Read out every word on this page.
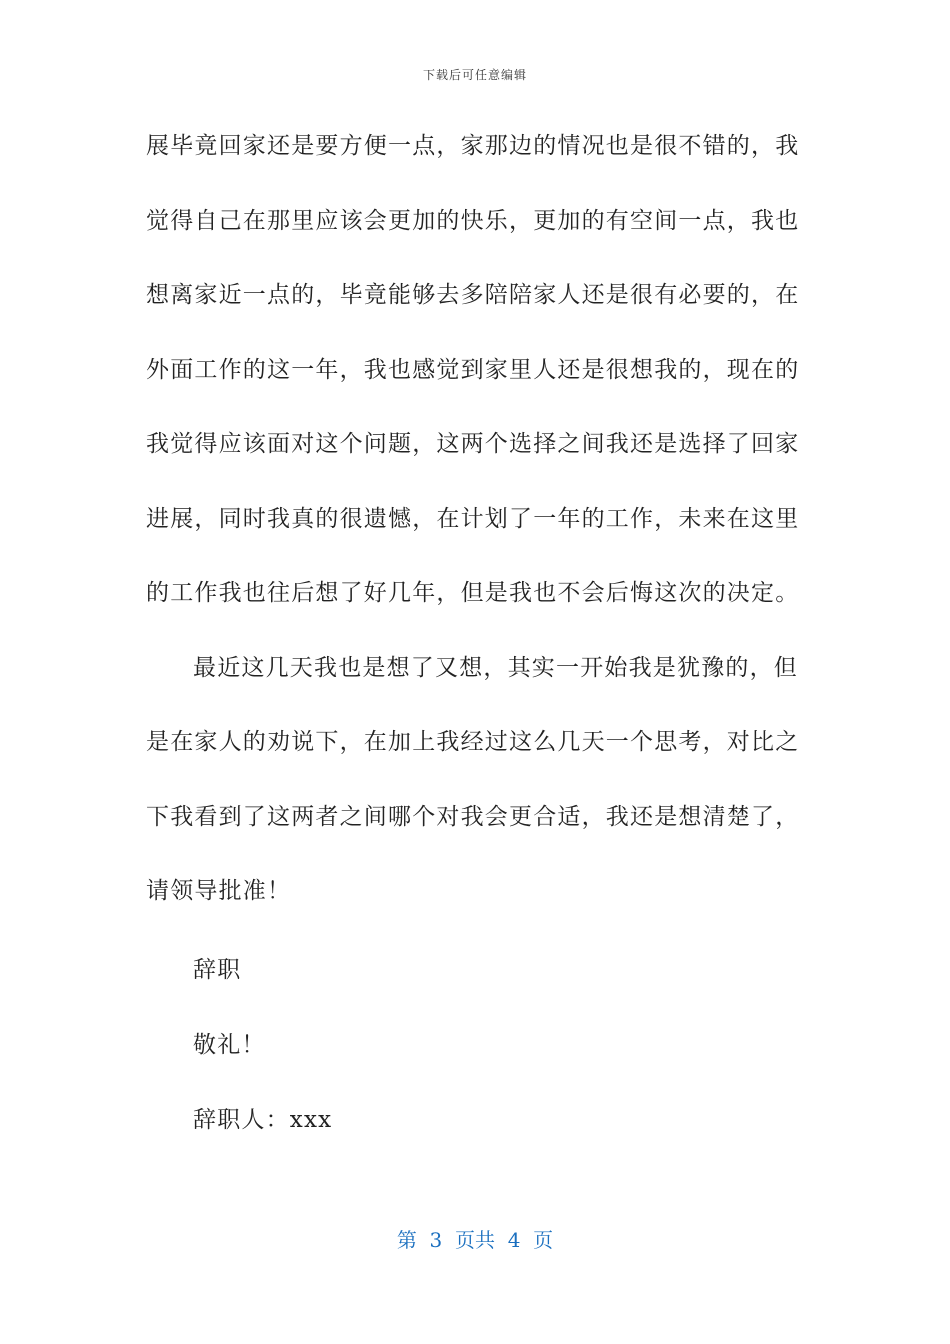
下载后可任意编辑
展毕竟回家还是要方便一点，家那边的情况也是很不错的，我
觉得自己在那里应该会更加的快乐，更加的有空间一点，我也
想离家近一点的，毕竟能够去多陪陪家人还是很有必要的，在
外面工作的这一年，我也感觉到家里人还是很想我的，现在的
我觉得应该面对这个问题，这两个选择之间我还是选择了回家
进展，同时我真的很遗憾，在计划了一年的工作，未来在这里
的工作我也往后想了好几年，但是我也不会后悔这次的决定。
最近这几天我也是想了又想，其实一开始我是犹豫的，但
是在家人的劝说下，在加上我经过这么几天一个思考，对比之
下我看到了这两者之间哪个对我会更合适，我还是想清楚了，
请领导批准！
辞职
敬礼！
辞职人：xxx
第  3  页共  4  页
